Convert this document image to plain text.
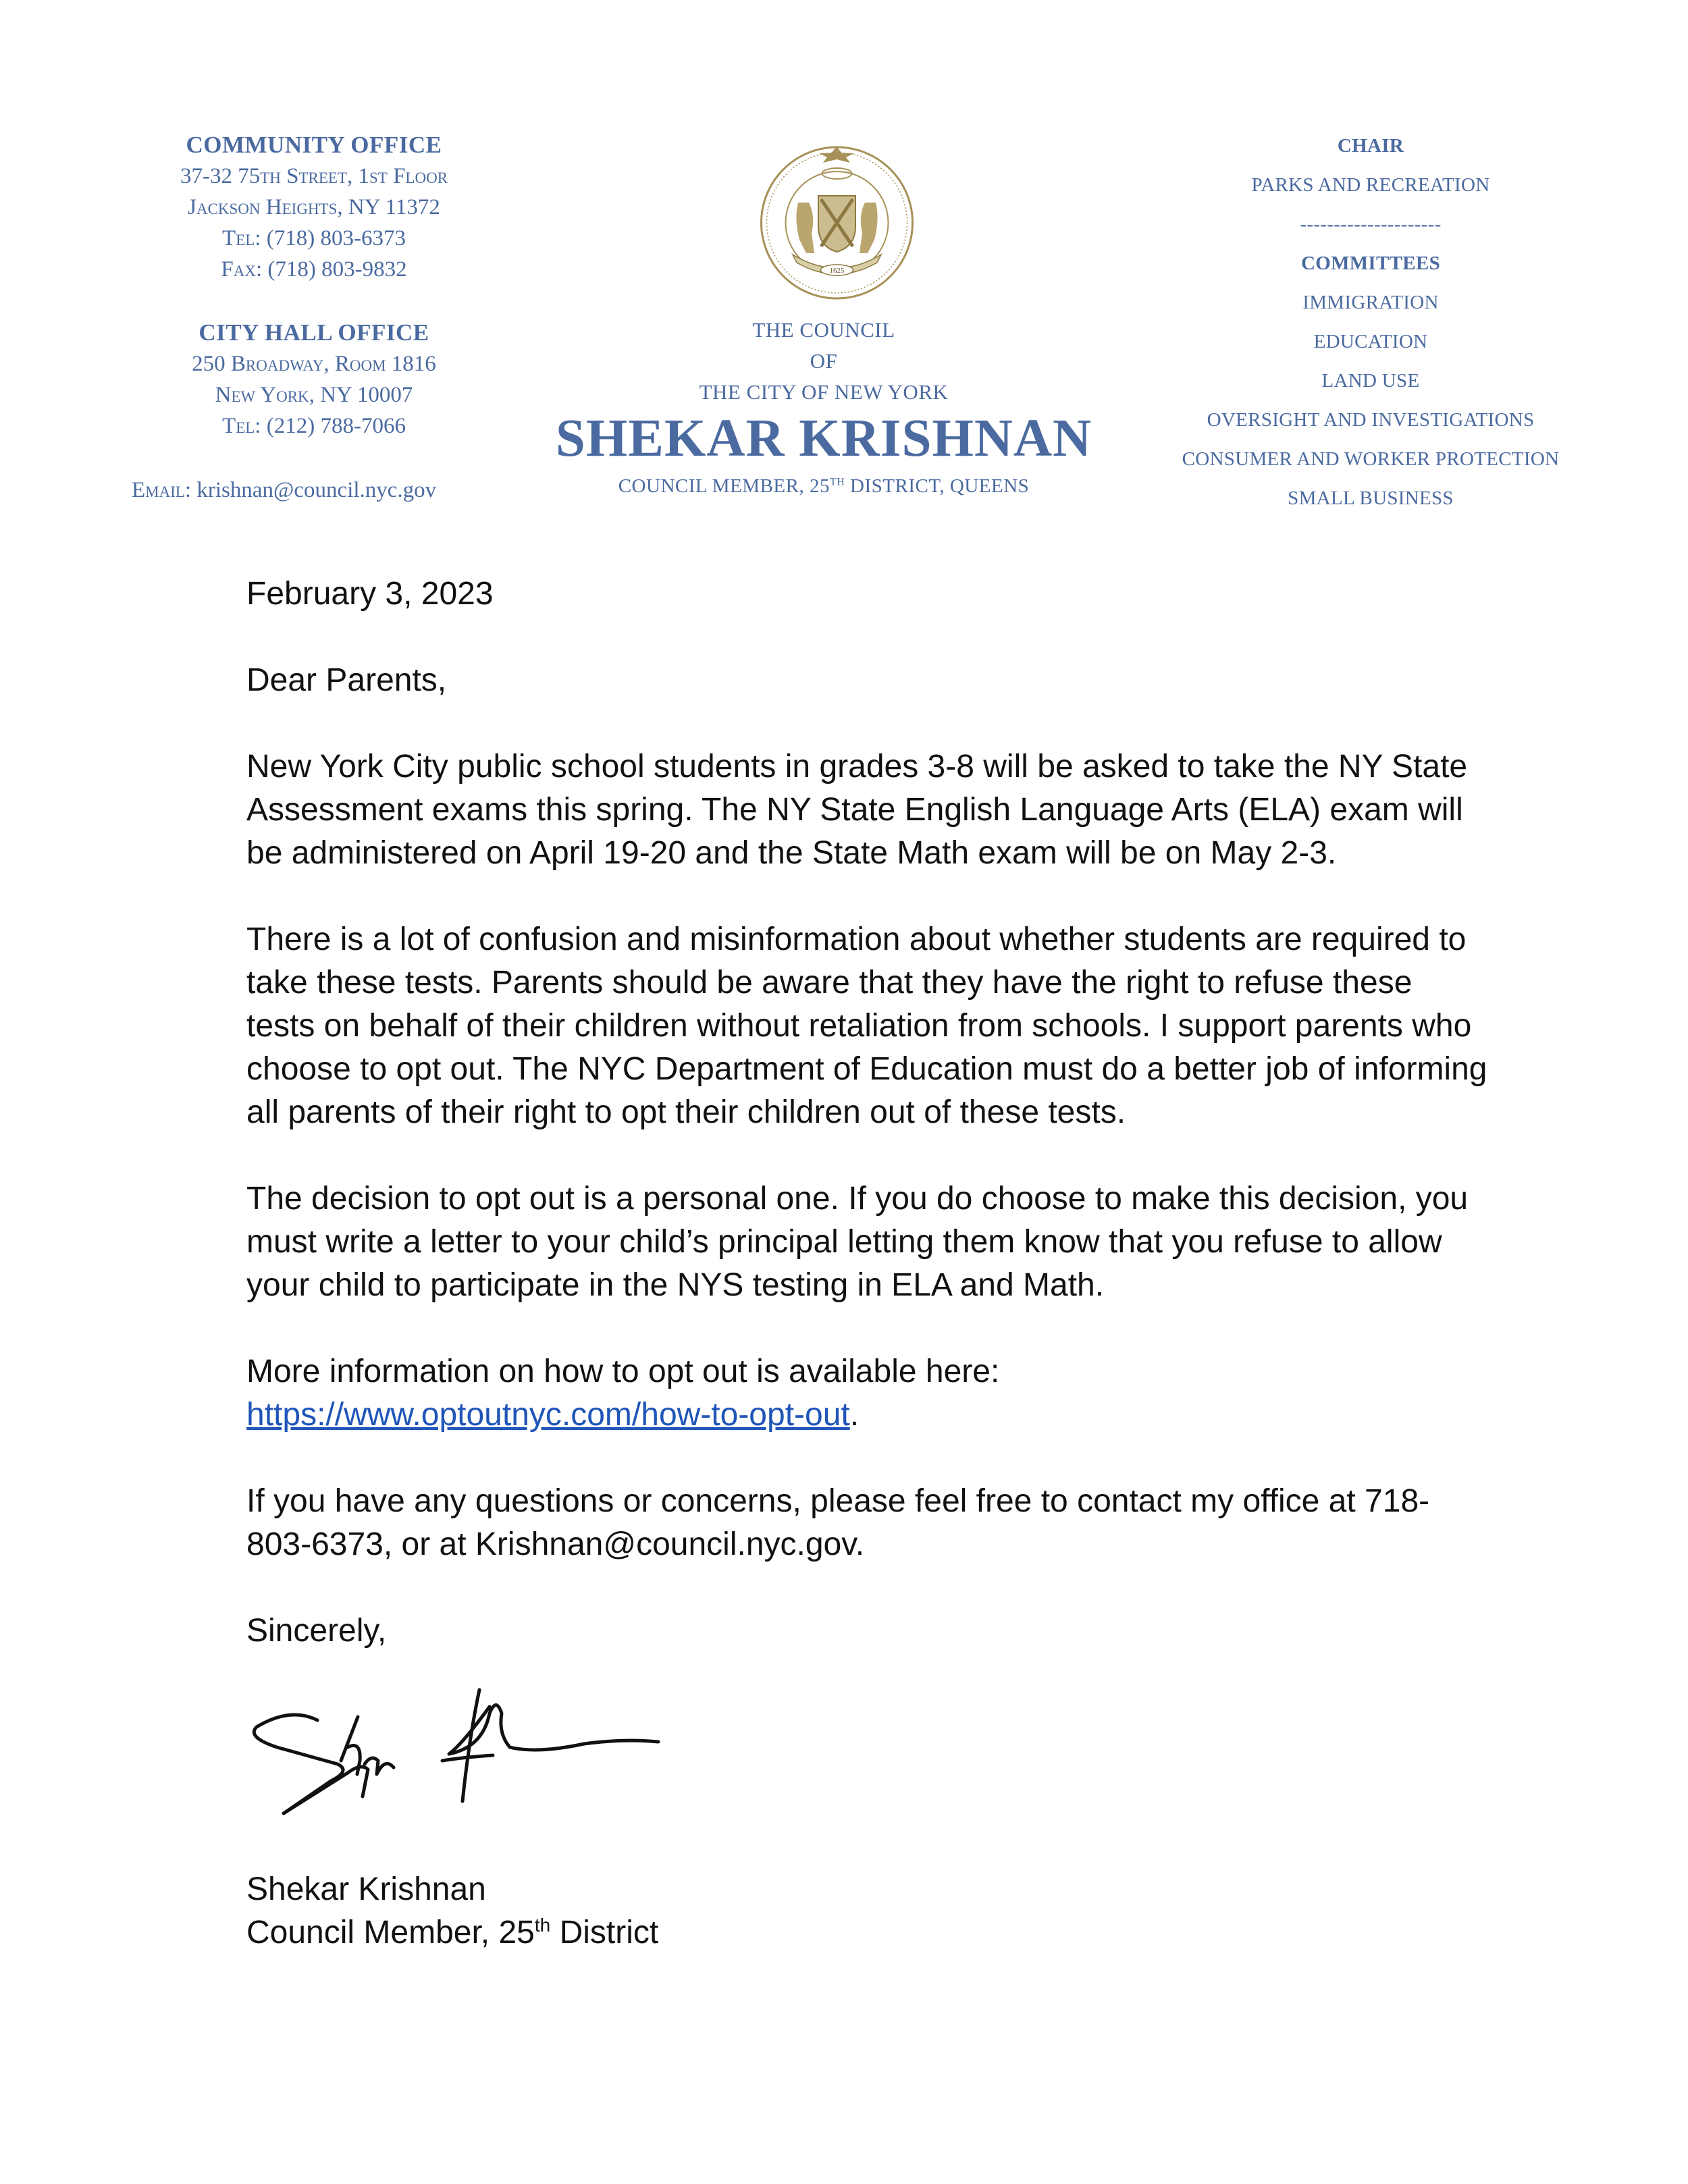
COMMUNITY OFFICE
37-32 75th Street, 1st Floor
Jackson Heights, NY 11372
Tel: (718) 803-6373
Fax: (718) 803-9832
CITY HALL OFFICE
250 Broadway, Room 1816
New York, NY 10007
Tel: (212) 788-7066
Email: krishnan@council.nyc.gov
1625
THE COUNCIL
OF
THE CITY OF NEW YORK
SHEKAR KRISHNAN
COUNCIL MEMBER, 25TH DISTRICT, QUEENS
CHAIR
PARKS AND RECREATION
---------------------
COMMITTEES
IMMIGRATION
EDUCATION
LAND USE
OVERSIGHT AND INVESTIGATIONS
CONSUMER AND WORKER PROTECTION
SMALL BUSINESS

February 3, 2023

Dear Parents,

New York City public school students in grades 3-8 will be asked to take the NY State Assessment exams this spring. The NY State English Language Arts (ELA) exam will be administered on April 19-20 and the State Math exam will be on May 2-3.

There is a lot of confusion and misinformation about whether students are required to take these tests. Parents should be aware that they have the right to refuse these tests on behalf of their children without retaliation from schools. I support parents who choose to opt out. The NYC Department of Education must do a better job of informing all parents of their right to opt their children out of these tests.

The decision to opt out is a personal one. If you do choose to make this decision, you must write a letter to your child’s principal letting them know that you refuse to allow your child to participate in the NYS testing in ELA and Math.

More information on how to opt out is available here:
https://www.optoutnyc.com/how-to-opt-out.

If you have any questions or concerns, please feel free to contact my office at 718-803-6373, or at Krishnan@council.nyc.gov.

Sincerely,

Shekar Krishnan

Council Member, 25th District
